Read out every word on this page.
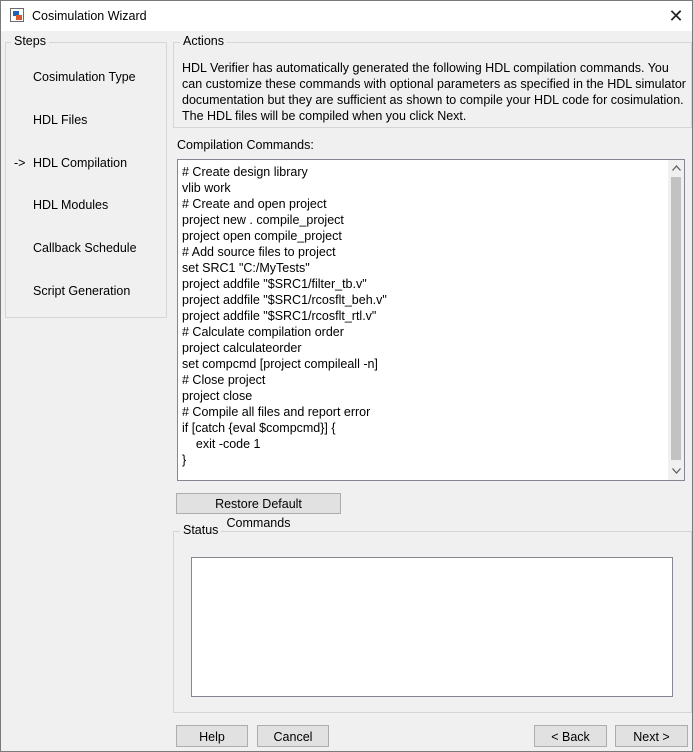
Cosimulation Wizard	✕
Steps
Cosimulation Type
HDL Files
-> HDL Compilation
HDL Modules
Callback Schedule
Script Generation
Actions
HDL Verifier has automatically generated the following HDL compilation commands. You can customize these commands with optional parameters as specified in the HDL simulator documentation but they are sufficient as shown to compile your HDL code for cosimulation. The HDL files will be compiled when you click Next.
Compilation Commands:
# Create design library
vlib work
# Create and open project
project new . compile_project
project open compile_project
# Add source files to project
set SRC1 "C:/MyTests"
project addfile "$SRC1/filter_tb.v"
project addfile "$SRC1/rcosflt_beh.v"
project addfile "$SRC1/rcosflt_rtl.v"
# Calculate compilation order
project calculateorder
set compcmd [project compileall -n]
# Close project
project close
# Compile all files and report error
if [catch {eval $compcmd}] {
exit -code 1
}
Restore Default Commands
Status
Help	Cancel	< Back	Next >
